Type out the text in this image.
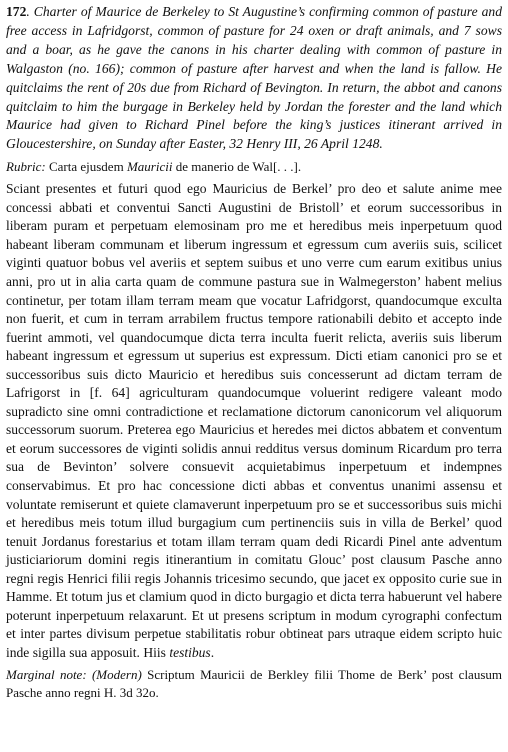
172. Charter of Maurice de Berkeley to St Augustine’s confirming common of pasture and free access in Lafridgorst, common of pasture for 24 oxen or draft animals, and 7 sows and a boar, as he gave the canons in his charter dealing with common of pasture in Walgaston (no. 166); common of pasture after harvest and when the land is fallow. He quitclaims the rent of 20s due from Richard of Bevington. In return, the abbot and canons quitclaim to him the burgage in Berkeley held by Jordan the forester and the land which Maurice had given to Richard Pinel before the king’s justices itinerant arrived in Gloucestershire, on Sunday after Easter, 32 Henry III, 26 April 1248.

Rubric: Carta ejusdem Mauricii de manerio de Wal[. . .].

Sciant presentes et futuri quod ego Mauricius de Berkel’ pro deo et salute anime mee concessi abbati et conventui Sancti Augustini de Bristoll’ et eorum successoribus in liberam puram et perpetuam elemosinam pro me et heredibus meis inperpetuum quod habeant liberam communam et liberum ingressum et egressum cum averiis suis, scilicet viginti quatuor bobus vel averiis et septem suibus et uno verre cum earum exitibus unius anni, pro ut in alia carta quam de commune pastura sue in Walmegerston’ habent melius continetur, per totam illam terram meam que vocatur Lafridgorst, quandocumque exculta non fuerit, et cum in terram arrabilem fructus tempore rationabili debito et accepto inde fuerint ammoti, vel quandocumque dicta terra inculta fuerit relicta, averiis suis liberum habeant ingressum et egressum ut superius est expressum. Dicti etiam canonici pro se et successoribus suis dicto Mauricio et heredibus suis concesserunt ad dictam terram de Lafrigorst in [f. 64] agriculturam quandocumque voluerint redigere valeant modo supradicto sine omni contradictione et reclamatione dictorum canonicorum vel aliquorum successorum suorum. Preterea ego Mauricius et heredes mei dictos abbatem et conventum et eorum successores de viginti solidis annui redditus versus dominum Ricardum pro terra sua de Bevinton’ solvere consuevit acquietabimus inperpetuum et indempnes conservabimus. Et pro hac concessione dicti abbas et conventus unanimi assensu et voluntate remiserunt et quiete clamaverunt inperpetuum pro se et successoribus suis michi et heredibus meis totum illud burgagium cum pertinenciis suis in villa de Berkel’ quod tenuit Jordanus forestarius et totam illam terram quam dedi Ricardi Pinel ante adventum justiciariorum domini regis itinerantium in comitatu Glouc’ post clausum Pasche anno regni regis Henrici filii regis Johannis tricesimo secundo, que jacet ex opposito curie sue in Hamme. Et totum jus et clamium quod in dicto burgagio et dicta terra habuerunt vel habere poterunt inperpetuum relaxarunt. Et ut presens scriptum in modum cyrographi confectum et inter partes divisum perpetue stabilitatis robur obtineat pars utraque eidem scripto huic inde sigilla sua apposuit. Hiis testibus.

Marginal note: (Modern) Scriptum Mauricii de Berkley filii Thome de Berk’ post clausum Pasche anno regni H. 3d 32o.
